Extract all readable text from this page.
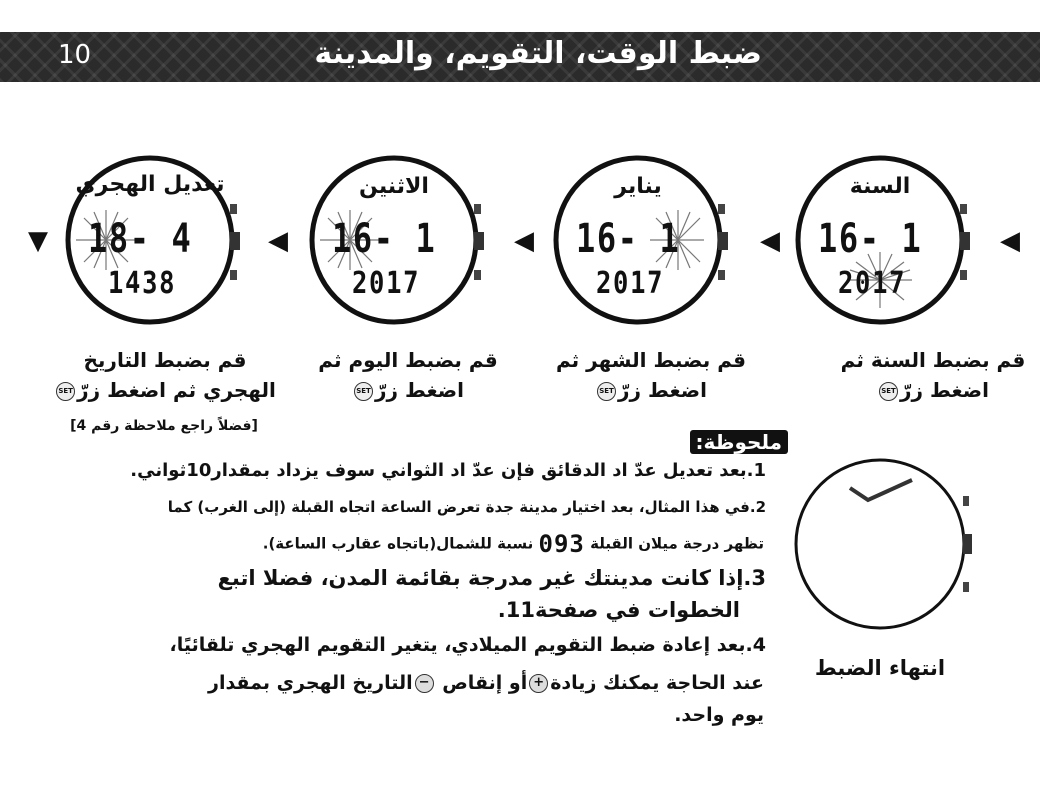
10	ضبط الوقت، التقويم، والمدينة
السنة
16- 1
2017
يناير
16- 1
2017
الاثنين
16- 1
2017
تعديل الهجري
18- 4
1438
◀
◀
◀
◀
▼
قم بضبط السنة ثم
اضغط زرّSET
قم بضبط الشهر ثم
اضغط زرّSET
قم بضبط اليوم ثم
اضغط زرّSET
قم بضبط التاريخ
الهجري ثم اضغط زرّSET
[فضلاً راجع ملاحظة رقم 4]
ملحوظة:
1.بعد تعديل عدّ اد الدقائق فإن عدّ اد الثواني سوف يزداد بمقدار10ثواني.
2.في هذا المثال، بعد اختيار مدينة جدة تعرض الساعة اتجاه القبلة (إلى الغرب) كما
تظهر درجة ميلان القبلة 093 نسبة للشمال(باتجاه عقارب الساعة).
3.إذا كانت مدينتك غير مدرجة بقائمة المدن، فضلا اتبع
الخطوات في صفحة11.
4.بعد إعادة ضبط التقويم الميلادي، يتغير التقويم الهجري تلقائيًا،
عند الحاجة يمكنك زيادة+أو إنقاص −التاريخ الهجري بمقدار
يوم واحد.
انتهاء الضبط
